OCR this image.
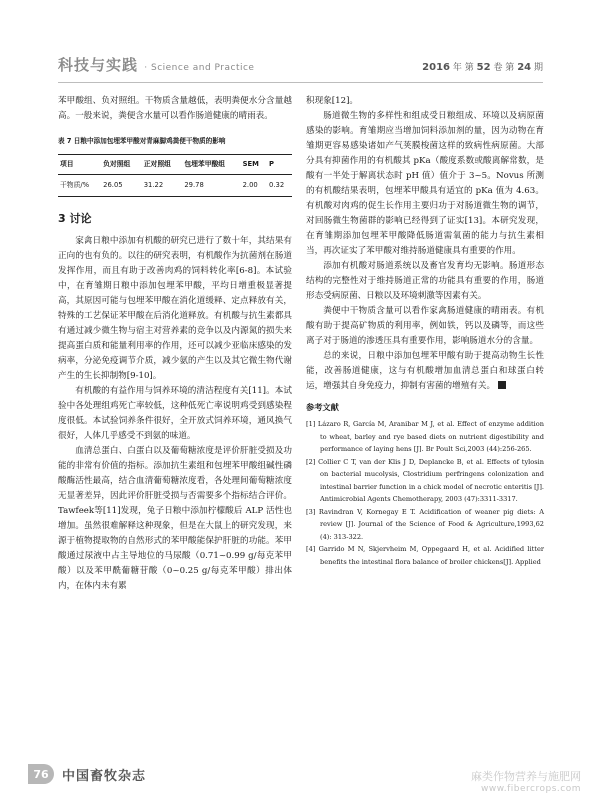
科技与实践 · Science and Practice	2016 年 第 52 卷 第 24 期

苯甲酸组、负对照组。干物质含量越低，表明粪便水分含量越高。一般来说，粪便含水量可以看作肠道健康的晴雨表。

表 7 日粮中添加包埋苯甲酸对青麻脚鸡粪便干物质的影响
项目	负对照组	正对照组	包埋苯甲酸组	SEM	P
干物质/%	26.05	31.22	29.78	2.00	0.32
3 讨论

家禽日粮中添加有机酸的研究已进行了数十年，其结果有正向的也有负的。以往的研究表明，有机酸作为抗菌剂在肠道发挥作用，而且有助于改善肉鸡的饲料转化率[6-8]。本试验中，在育雏期日粮中添加包埋苯甲酸，平均日增重极显著提高，其原因可能与包埋苯甲酸在消化道缓释、定点释放有关，特殊的工艺保证苯甲酸在后消化道释放。有机酸与抗生素都具有通过减少微生物与宿主对营养素的竞争以及内源氮的损失来提高蛋白质和能量利用率的作用，还可以减少亚临床感染的发病率，分泌免疫调节介质，减少氨的产生以及其它微生物代谢产生的生长抑制物[9-10]。

有机酸的有益作用与饲养环境的清洁程度有关[11]。本试验中各处理组鸡死亡率较低，这种低死亡率说明鸡受到感染程度很低。本试验饲养条件很好，全开放式饲养环境，通风换气很好，人体几乎感受不到氨的味道。

血清总蛋白、白蛋白以及葡萄糖浓度是评价肝脏受损及功能的非常有价值的指标。添加抗生素组和包埋苯甲酸组碱性磷酸酶活性最高，结合血清葡萄糖浓度看，各处理间葡萄糖浓度无显著差异，因此评价肝脏受损与否需要多个指标结合评价。Tawfeek等[11]发现，兔子日粮中添加柠檬酸后 ALP 活性也增加。虽然很难解释这种现象，但是在大鼠上的研究发现，来源于植物提取物的自然形式的苯甲酸能保护肝脏的功能。苯甲酸通过尿液中占主导地位的马尿酸（0.71~0.99 g/每克苯甲酸）以及苯甲酰葡糖苷酸（0~0.25 g/每克苯甲酸）排出体内，在体内未有累

积现象[12]。

肠道微生物的多样性和组成受日粮组成、环境以及病原菌感染的影响。育雏期应当增加饲料添加剂的量，因为动物在育雏期更容易感染诸如产气荚膜梭菌这样的致病性病原菌。大部分具有抑菌作用的有机酸其 pKa（酸度系数或酸离解常数，是酸有一半处于解离状态时 pH 值）值介于 3~5。Novus 所测的有机酸结果表明，包埋苯甲酸具有适宜的 pKa 值为 4.63。有机酸对肉鸡的促生长作用主要归功于对肠道微生物的调节，对回肠微生物菌群的影响已经得到了证实[13]。本研究发现，在育雏期添加包埋苯甲酸降低肠道需氧菌的能力与抗生素相当，再次证实了苯甲酸对维持肠道健康具有重要的作用。

添加有机酸对肠道系统以及畜官发育均无影响。肠道形态结构的完整性对于维持肠道正常的功能具有重要的作用，肠道形态受病原菌、日粮以及环境刺激等因素有关。

粪便中干物质含量可以看作家禽肠道健康的晴雨表。有机酸有助于提高矿物质的利用率，例如铁，钙以及磷等，而这些离子对于肠道的渗透压具有重要作用，影响肠道水分的含量。

总的来说，日粮中添加包埋苯甲酸有助于提高动物生长性能，改善肠道健康，这与有机酸增加血清总蛋白和球蛋白转运，增强其自身免疫力，抑制有害菌的增殖有关。

参考文献

[1] Lázaro R, García M, Aranibar M J, et al. Effect of enzyme addition to wheat, barley and rye based diets on nutrient digestibility and performance of laying hens [J]. Br Poult Sci,2003 (44):256-265.

[2] Collier C T, van der Klis J D, Deplancke B, et al. Effects of tylosin on bacterial mucolysis, Clostridium perfringens colonization and intestinal barrier function in a chick model of necrotic enteritis [J]. Antimicrobial Agents Chemotherapy, 2003 (47):3311-3317.

[3] Ravindran V, Kornegay E T. Acidification of weaner pig diets: A review [J]. Journal of the Science of Food & Agriculture,1993,62 (4): 313-322.

[4] Garrido M N, Skjervheim M, Oppegaard H, et al. Acidified litter benefits the intestinal flora balance of broiler chickens[J]. Applied

76	中国畜牧杂志	麻类作物营养与施肥网
www.fibercrops.com
